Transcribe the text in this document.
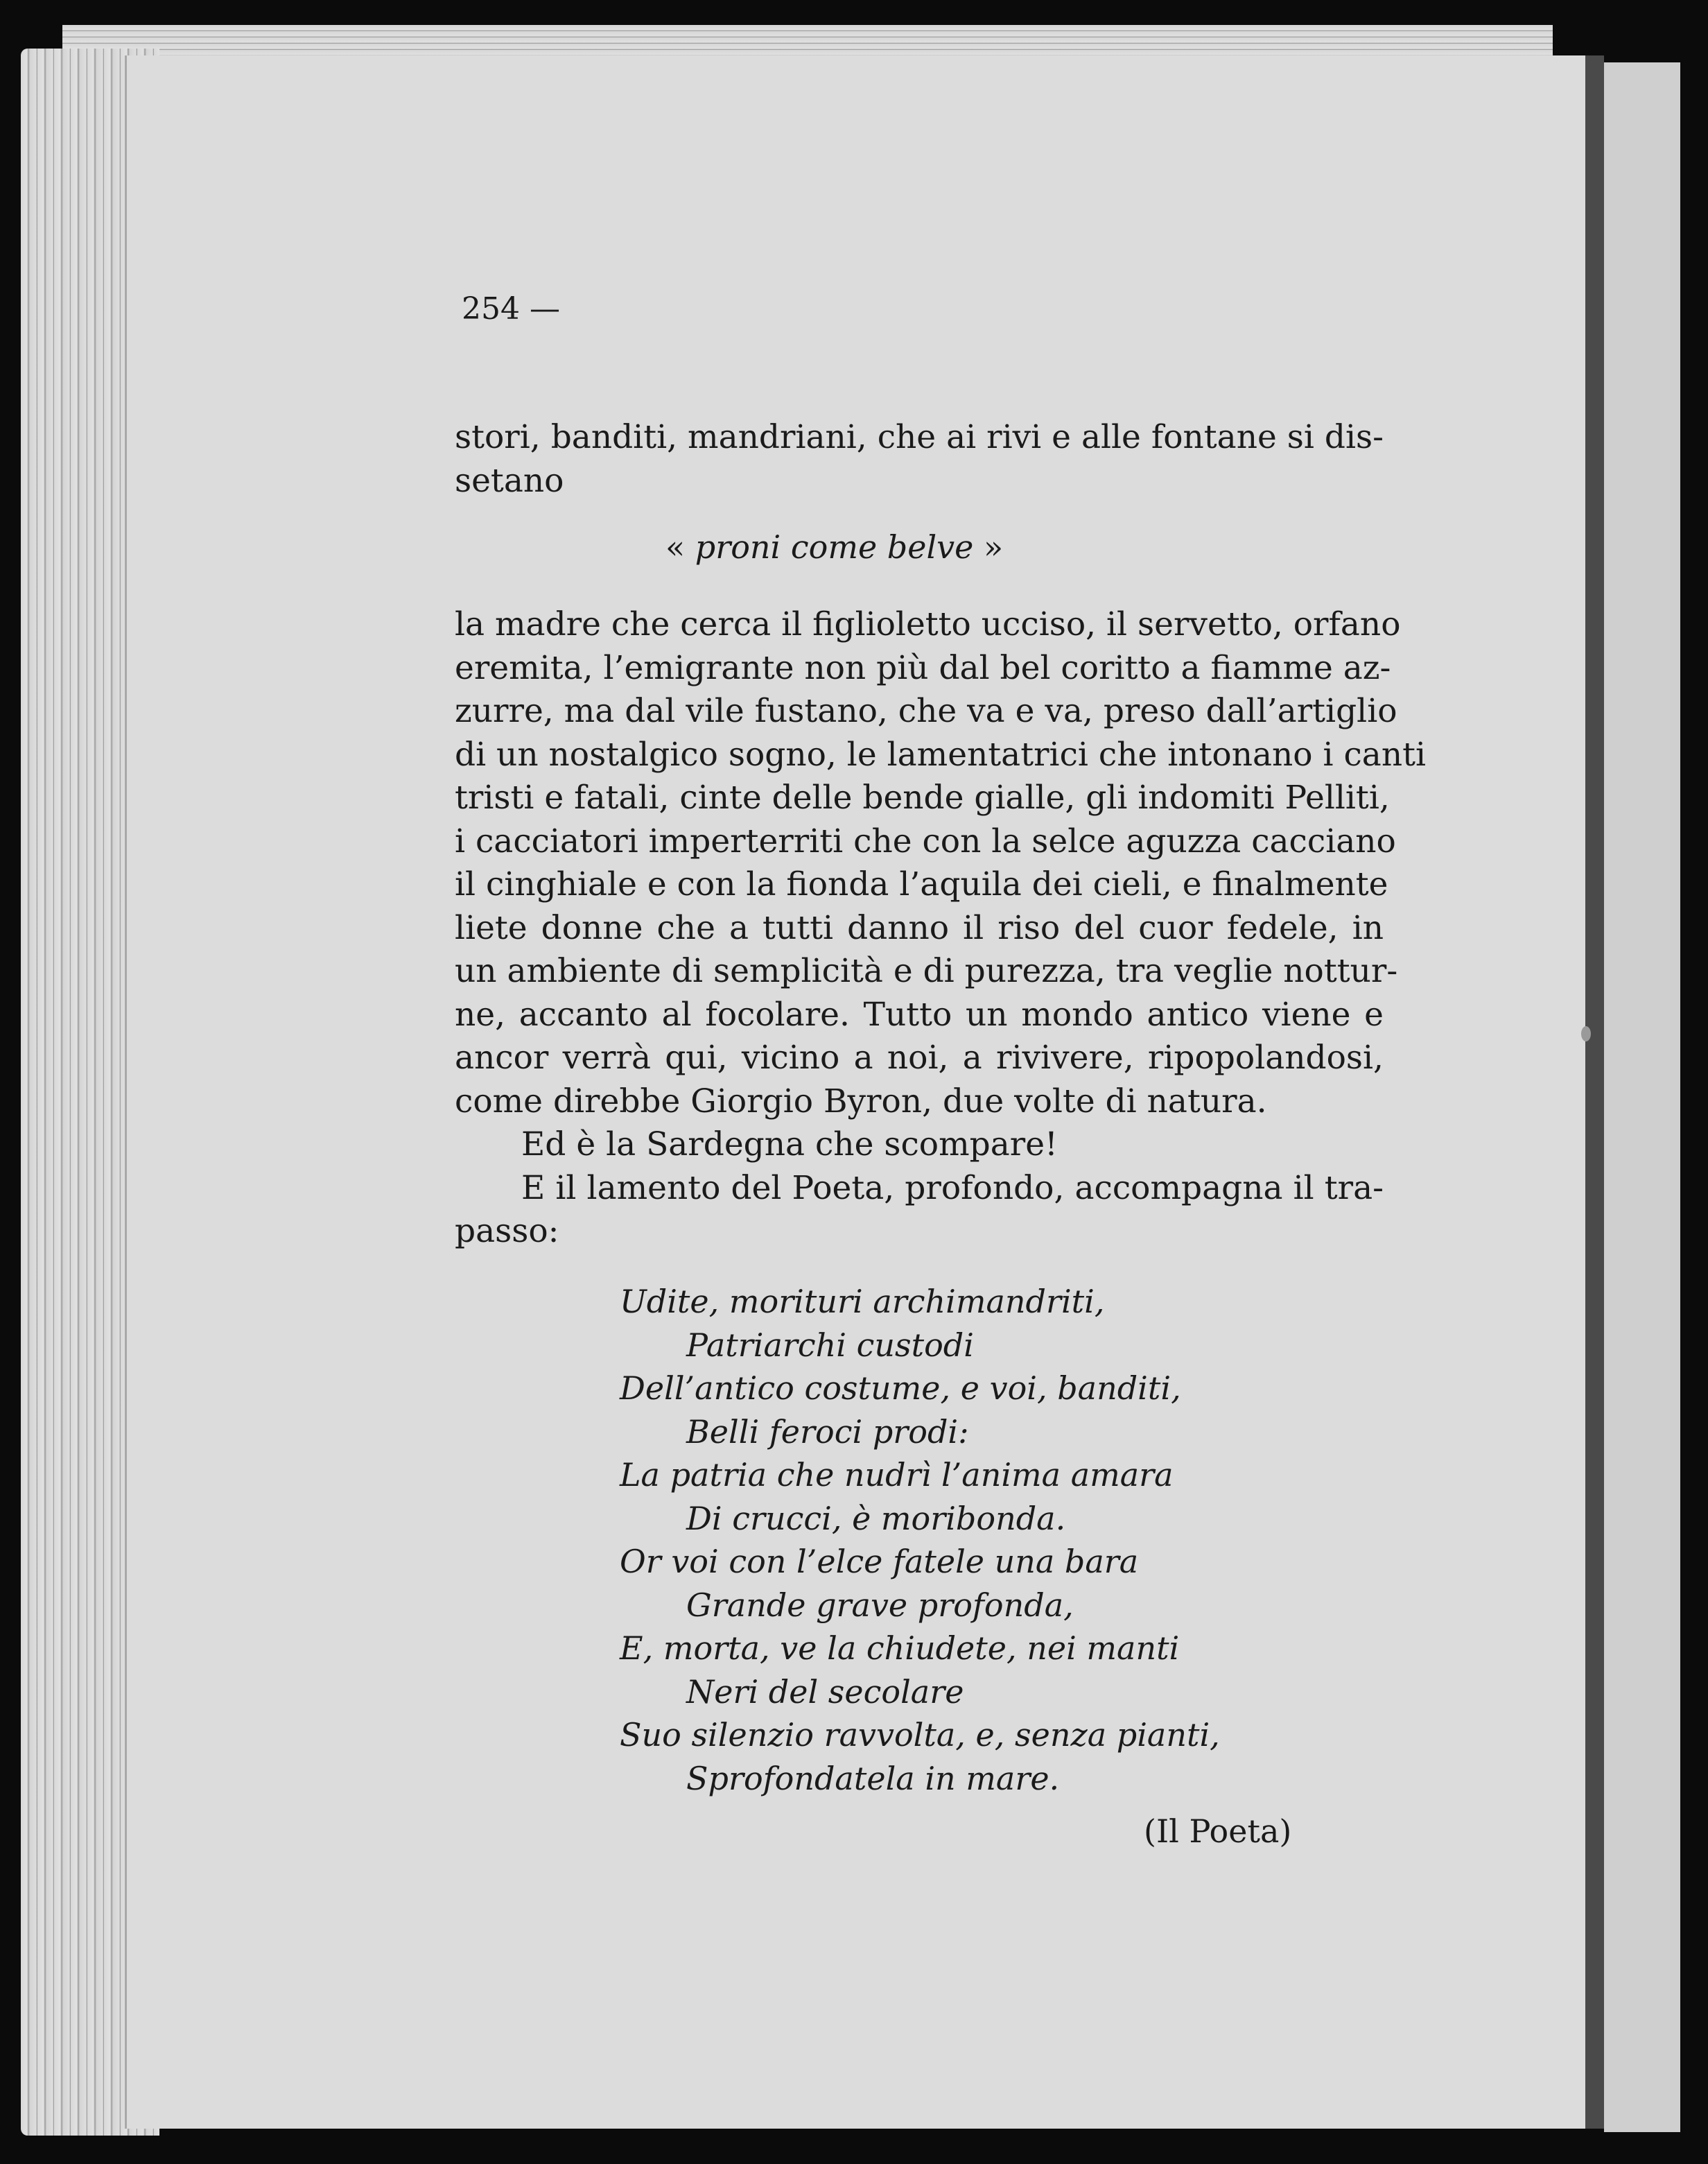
254 —

stori, banditi, mandriani, che ai rivi e alle fontane si dis-
setano

« proni come belve »

la madre che cerca il figlioletto ucciso, il servetto, orfano
eremita, l’emigrante non più dal bel coritto a fiamme az-
zurre, ma dal vile fustano, che va e va, preso dall’artiglio
di un nostalgico sogno, le lamentatrici che intonano i canti
tristi e fatali, cinte delle bende gialle, gli indomiti Pelliti,
i cacciatori imperterriti che con la selce aguzza cacciano
il cinghiale e con la fionda l’aquila dei cieli, e finalmente
liete donne che a tutti danno il riso del cuor fedele, in
un ambiente di semplicità e di purezza, tra veglie nottur-
ne, accanto al focolare. Tutto un mondo antico viene e
ancor verrà qui, vicino a noi, a rivivere, ripopolandosi,
come direbbe Giorgio Byron, due volte di natura.
Ed è la Sardegna che scompare!
E il lamento del Poeta, profondo, accompagna il tra-
passo:
Udite, morituri archimandriti,
Patriarchi custodi
Dell’antico costume, e voi, banditi,
Belli feroci prodi:
La patria che nudrì l’anima amara
Di crucci, è moribonda.
Or voi con l’elce fatele una bara
Grande grave profonda,
E, morta, ve la chiudete, nei manti
Neri del secolare
Suo silenzio ravvolta, e, senza pianti,
Sprofondatela in mare.

(Il Poeta)
